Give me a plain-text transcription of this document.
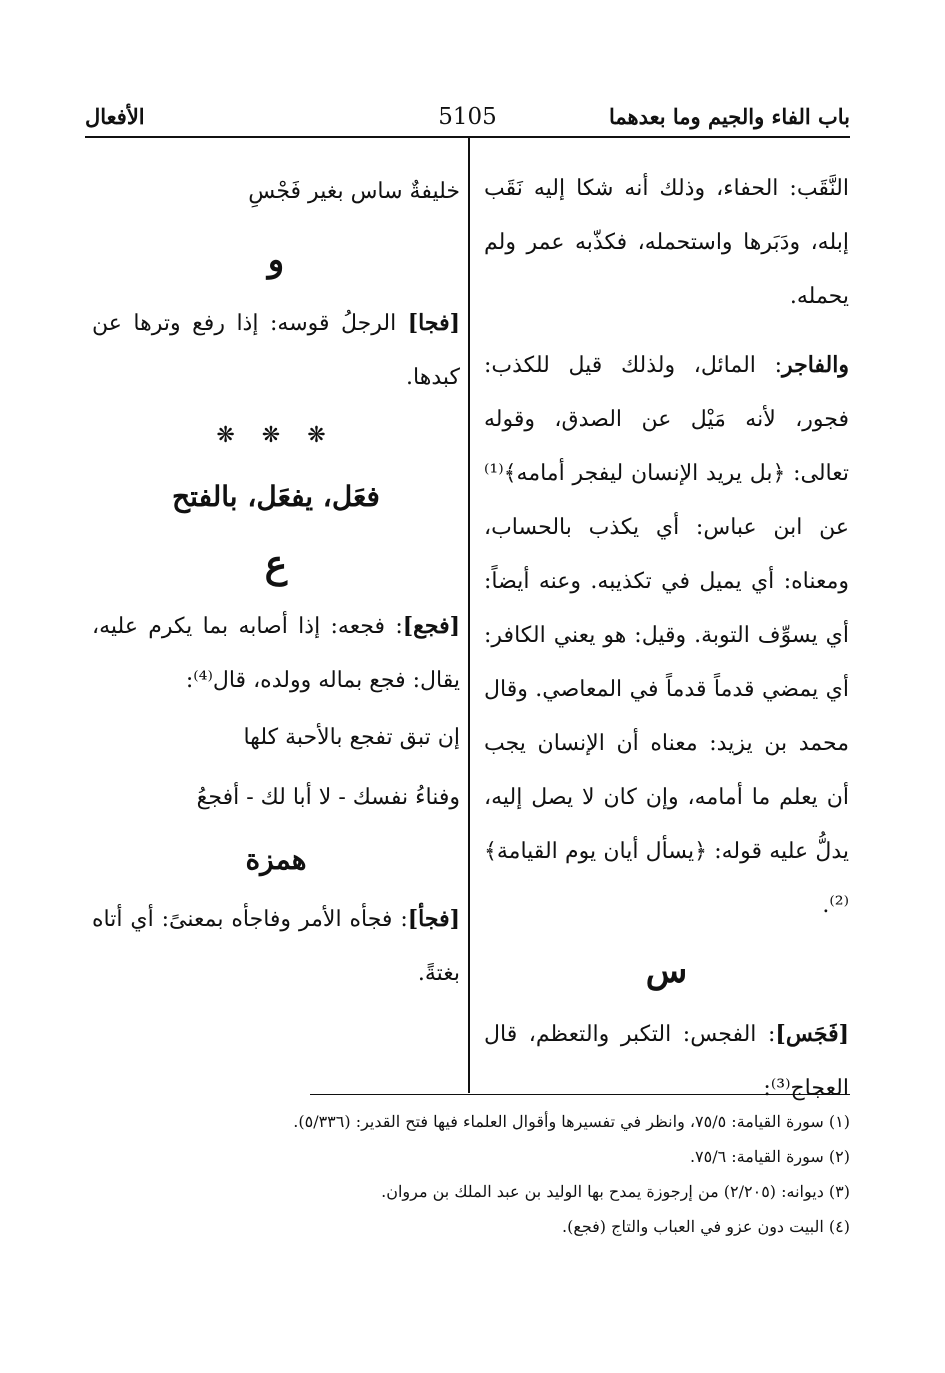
باب الفاء والجيم وما بعدهما
5105
الأفعال

النَّقَب: الحفاء، وذلك أنه شكا إليه نَقَب إبله، ودَبَرها واستحمله، فكذّبه عمر ولم يحمله.

والفاجر: المائل، ولذلك قيل للكذب: فجور، لأنه مَيْل عن الصدق، وقوله تعالى: ﴿بل يريد الإنسان ليفجر أمامه﴾⁽¹⁾ عن ابن عباس: أي يكذب بالحساب، ومعناه: أي يميل في تكذيبه. وعنه أيضاً: أي يسوِّف التوبة. وقيل: هو يعني الكافر: أي يمضي قدماً قدماً في المعاصي. وقال محمد بن يزيد: معناه أن الإنسان يجب أن يعلم ما أمامه، وإن كان لا يصل إليه، يدلُّ عليه قوله: ﴿يسأل أيان يوم القيامة﴾⁽²⁾.

س

[فَجَس]: الفجس: التكبر والتعظم، قال العجاج⁽³⁾:

خليفةٌ ساس بغير فَجْسِ

و

[فجا] الرجلُ قوسه: إذا رفع وترها عن كبدها.

❋ ❋ ❋
فعَل، يفعَل، بالفتح
ع

[فجع]: فجعه: إذا أصابه بما يكرم عليه، يقال: فجع بماله وولده، قال⁽⁴⁾:

إن تبق تفجع بالأحبة كلها

وفناءُ نفسك - لا أبا لك - أفجعُ

همزة

[فجأ]: فجأه الأمر وفاجأه بمعنىً: أي أتاه بغتةً.

(١) سورة القيامة: ٧٥/٥، وانظر في تفسيرها وأقوال العلماء فيها فتح القدير: (٥/٣٣٦).
(٢) سورة القيامة: ٧٥/٦.
(٣) ديوانه: (٢/٢٠٥) من إرجوزة يمدح بها الوليد بن عبد الملك بن مروان.
(٤) البيت دون عزو في العباب والتاج (فجع).
